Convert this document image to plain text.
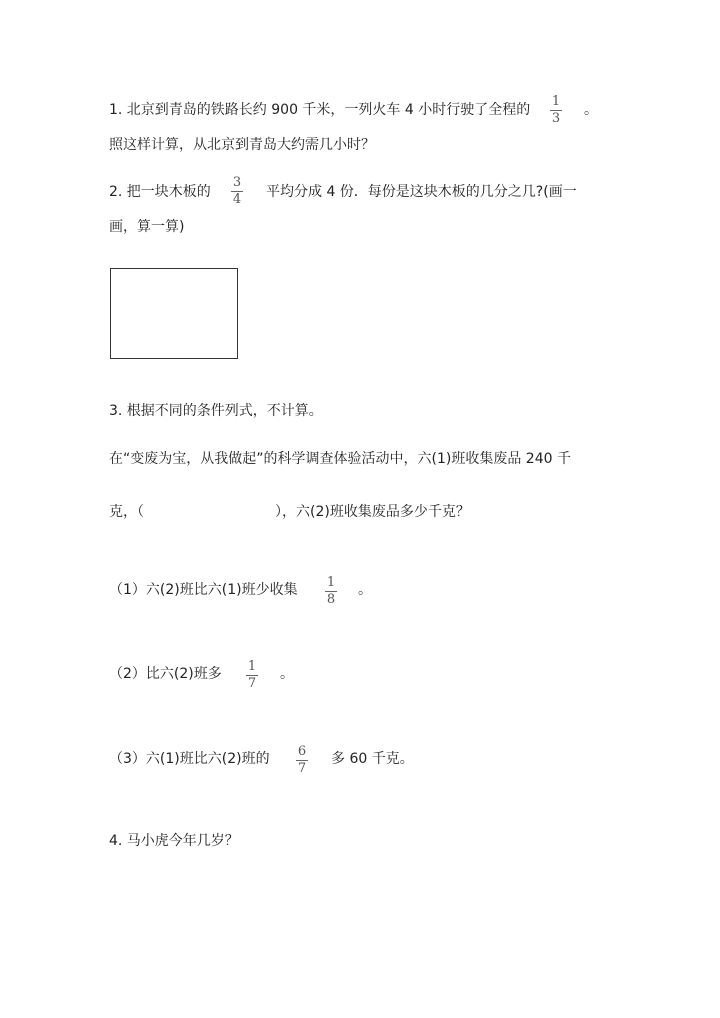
1. 北京到青岛的铁路长约 900 千米，一列火车 4 小时行驶了全程的
1
3
。
照这样计算，从北京到青岛大约需几小时？
2. 把一块木板的
3
4 平均分成 4 份．每份是这块木板的几分之几?(画一
画，算一算)
3. 根据不同的条件列式，不计算。
在“变废为宝，从我做起”的科学调查体验活动中，六(1)班收集废品 240 千
克，（	），六(2)班收集废品多少千克？
（1）六(2)班比六(1)班少收集 1
8
。
（2）比六(2)班多 1
7
。
（3）六(1)班比六(2)班的 6
7
多 60 千克。
4. 马小虎今年几岁？
